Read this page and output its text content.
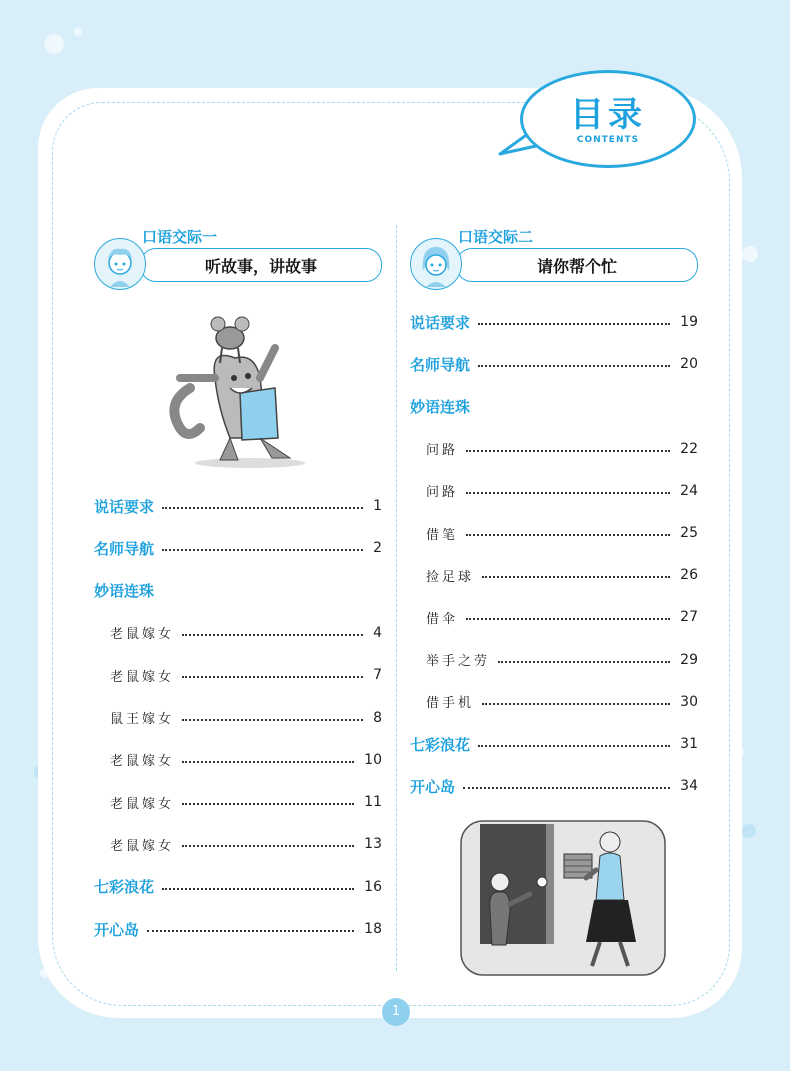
目录
CONTENTS
口语交际一
听故事，讲故事
说话要求	1
名师导航	2
妙语连珠
老鼠嫁女	4
老鼠嫁女	7
鼠王嫁女	8
老鼠嫁女	10
老鼠嫁女	11
老鼠嫁女	13
七彩浪花	16
开心岛	18
口语交际二
请你帮个忙
说话要求	19
名师导航	20
妙语连珠
问路	22
问路	24
借笔	25
捡足球	26
借伞	27
举手之劳	29
借手机	30
七彩浪花	31
开心岛	34
1
